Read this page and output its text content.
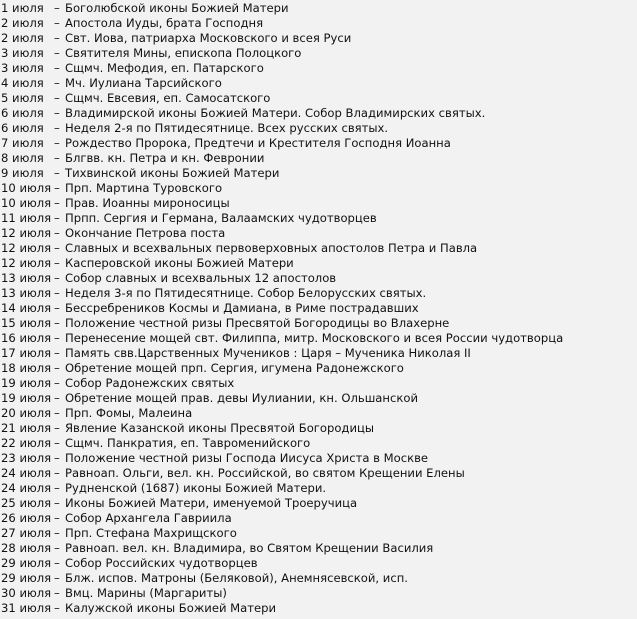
1 июля – Боголюбской иконы Божией Матери
2 июля – Апостола Иуды, брата Господня
2 июля – Свт. Иова, патриарха Московского и всея Руси
3 июля – Святителя Мины, епископа Полоцкого
3 июля – Сщмч. Мефодия, еп. Патарского
4 июля – Мч. Иулиана Тарсийского
5 июля – Сщмч. Евсевия, еп. Самосатского
6 июля – Владимирской иконы Божией Матери. Собор Владимирских святых.
6 июля – Неделя 2-я по Пятидесятнице. Всех русских святых.
7 июля – Рождество Пророка, Предтечи и Крестителя Господня Иоанна
8 июля – Блгвв. кн. Петра и кн. Февронии
9 июля – Тихвинской иконы Божией Матери
10 июля – Прп. Мартина Туровского
10 июля – Прав. Иоанны мироносицы
11 июля – Прпп. Сергия и Германа, Валаамских чудотворцев
12 июля – Окончание Петрова поста
12 июля – Славных и всехвальных первоверховных апостолов Петра и Павла
12 июля – Касперовской иконы Божией Матери
13 июля – Собор славных и всехвальных 12 апостолов
13 июля – Неделя 3-я по Пятидесятнице. Собор Белорусских святых.
14 июля – Бессребреников Космы и Дамиана, в Риме пострадавших
15 июля – Положение честной ризы Пресвятой Богородицы во Влахерне
16 июля – Перенесение мощей свт. Филиппа, митр. Московского и всея России чудотворца
17 июля – Память свв.Царственных Мучеников : Царя – Мученика Николая II
18 июля – Обретение мощей прп. Сергия, игумена Радонежского
19 июля – Собор Радонежских святых
19 июля – Обретение мощей прав. девы Иулиании, кн. Ольшанской
20 июля – Прп. Фомы, Малеина
21 июля – Явление Казанской иконы Пресвятой Богородицы
22 июля – Сщмч. Панкратия, еп. Тавроменийского
23 июля – Положение честной ризы Господа Иисуса Христа в Москве
24 июля – Равноап. Ольги, вел. кн. Российской, во святом Крещении Елены
24 июля – Рудненской (1687) иконы Божией Матери.
25 июля – Иконы Божией Матери, именуемой Троеручица
26 июля – Собор Архангела Гавриила
27 июля – Прп. Стефана Махрищского
28 июля – Равноап. вел. кн. Владимира, во Святом Крещении Василия
29 июля – Собор Российских чудотворцев
29 июля – Блж. испов. Матроны (Беляковой), Анемнясевской, исп.
30 июля – Вмц. Марины (Маргариты)
31 июля – Калужской иконы Божией Матери
